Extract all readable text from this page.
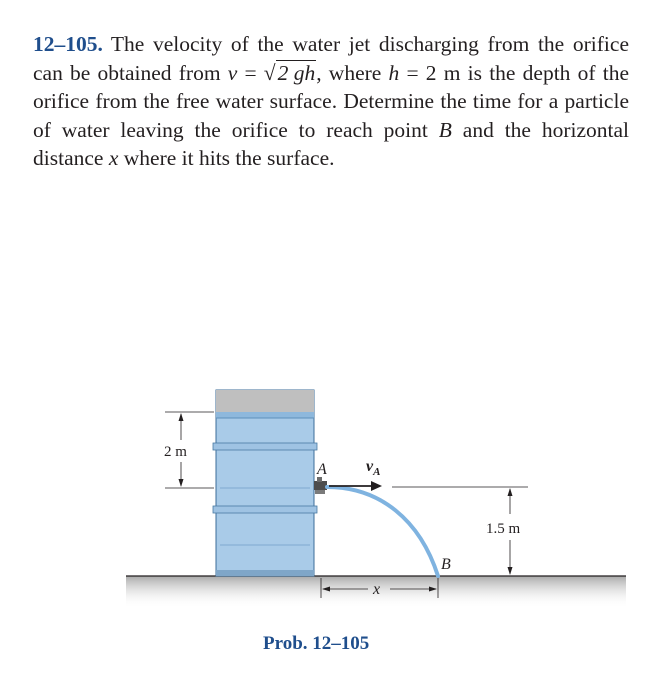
12–105. The velocity of the water jet discharging from the orifice can be obtained from v = √2 gh, where h = 2 m is the depth of the orifice from the free water surface. Determine the time for a particle of water leaving the orifice to reach point B and the horizontal distance x where it hits the surface.
2 m
A $v_A$
1.5 m
B
x
Prob. 12–105
